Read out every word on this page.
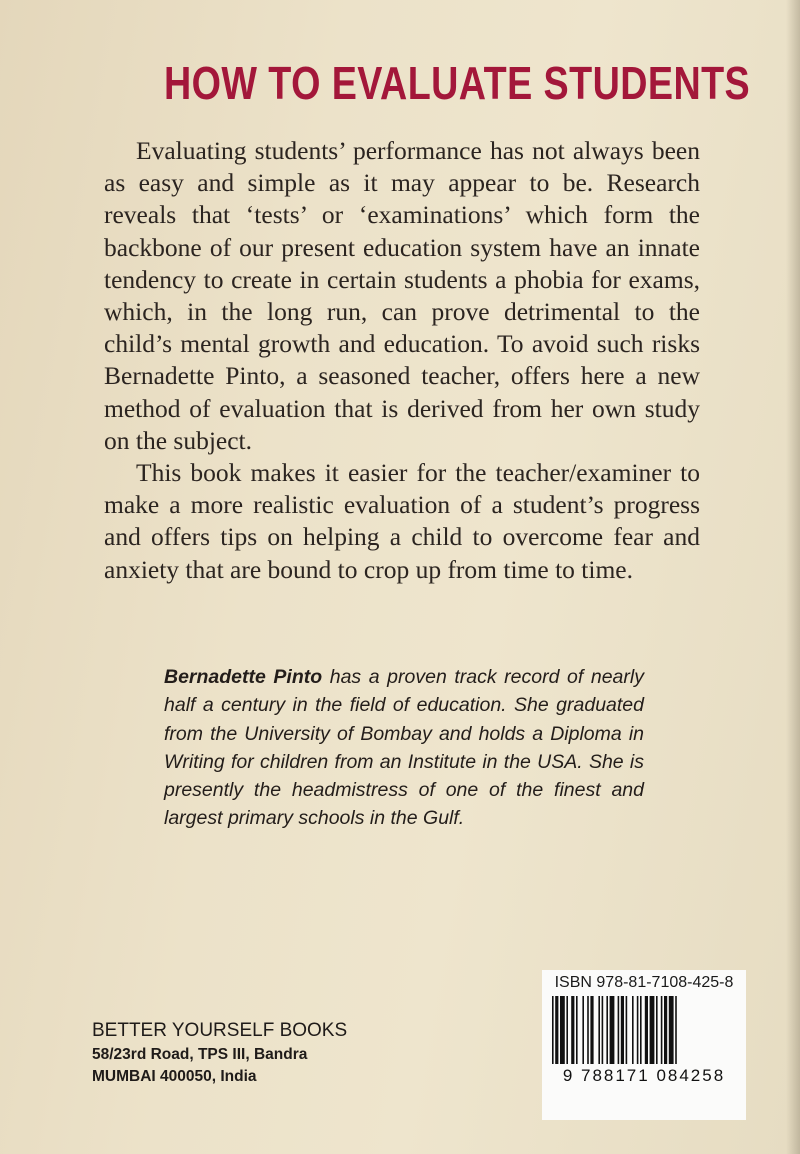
HOW TO EVALUATE STUDENTS

Evaluating students’ performance has not always been as easy and simple as it may appear to be. Research reveals that ‘tests’ or ‘examinations’ which form the backbone of our present education system have an innate tendency to create in certain students a phobia for exams, which, in the long run, can prove detrimental to the child’s mental growth and education. To avoid such risks Bernadette Pinto, a seasoned teacher, offers here a new method of evaluation that is derived from her own study on the subject.

This book makes it easier for the teacher/examiner to make a more realistic evaluation of a student’s progress and offers tips on helping a child to overcome fear and anxiety that are bound to crop up from time to time.

Bernadette Pinto has a proven track record of nearly half a century in the field of education. She graduated from the University of Bombay and holds a Diploma in Writing for children from an Institute in the USA. She is presently the headmistress of one of the finest and largest primary schools in the Gulf.
BETTER YOURSELF BOOKS
58/23rd Road, TPS III, Bandra
MUMBAI 400050, India
ISBN 978-81-7108-425-8
9 788171 084258
